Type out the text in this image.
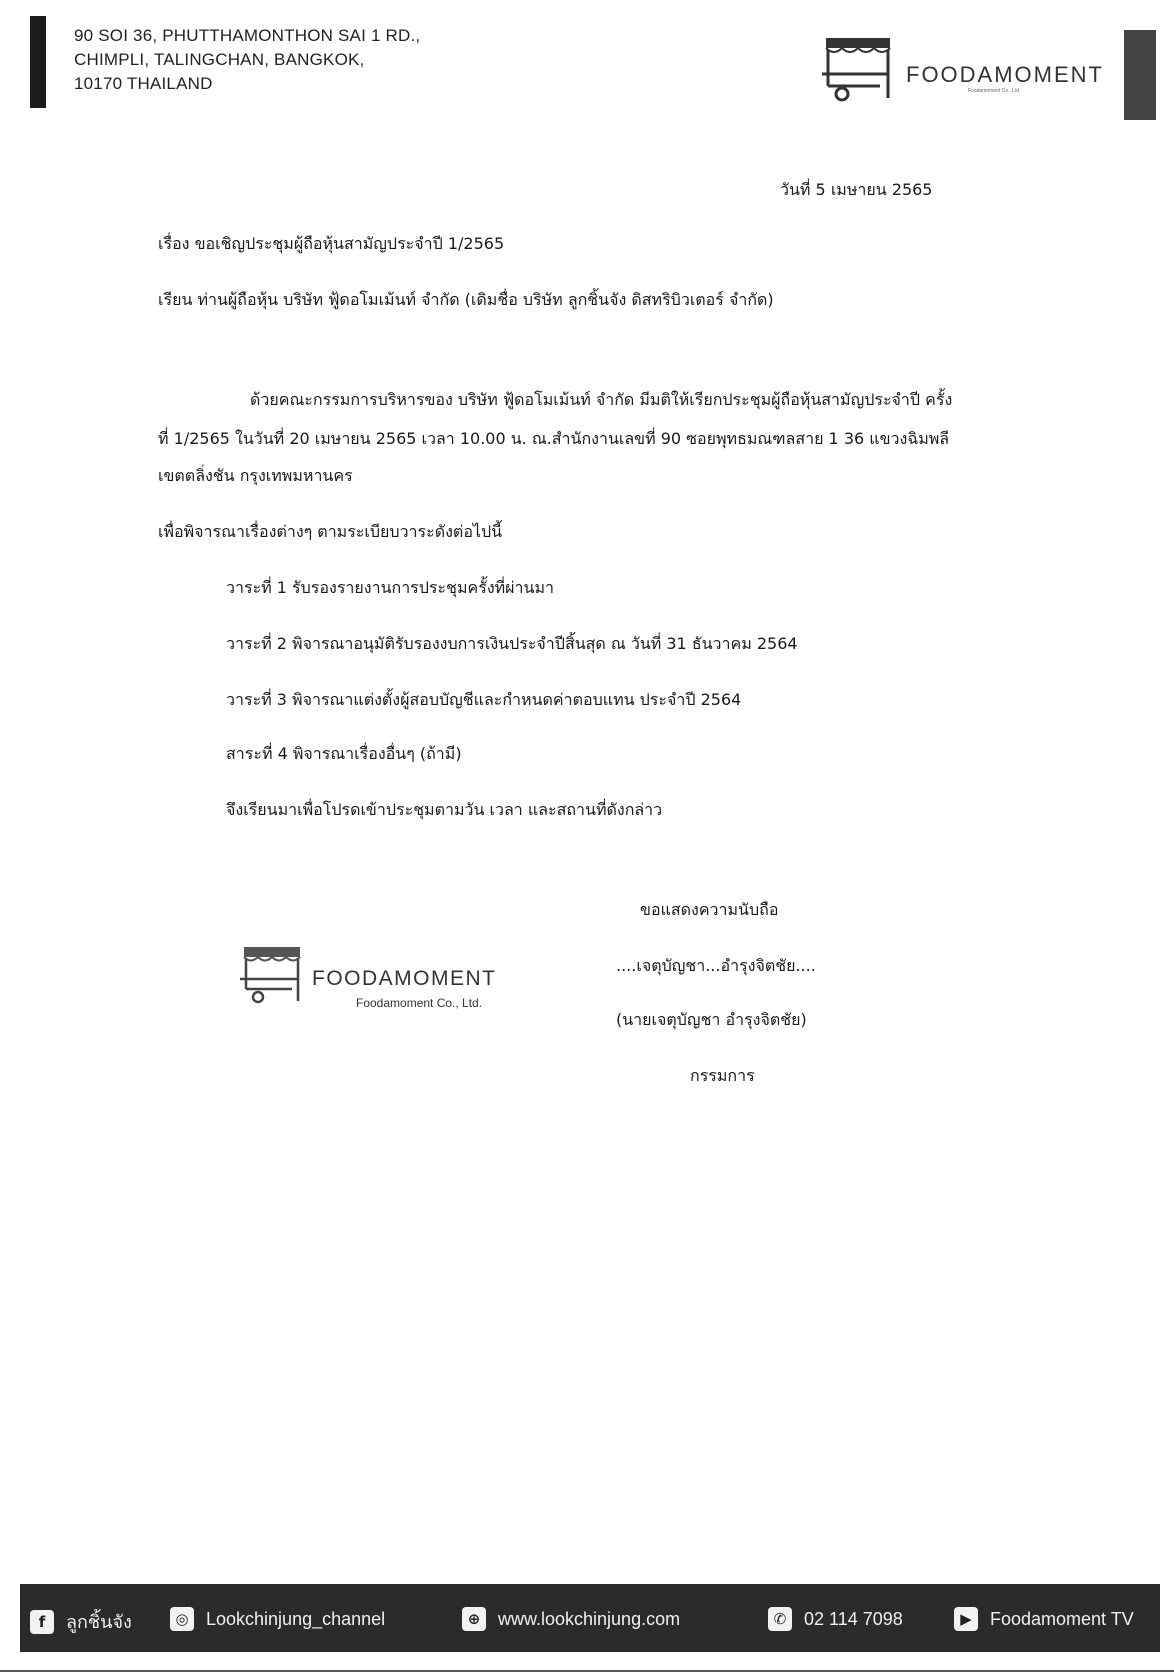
90 SOI 36, PHUTTHAMONTHON SAI 1 RD.,
CHIMPLI, TALINGCHAN, BANGKOK,
10170 THAILAND	FOODAMOMENT
Foodamoment Co., Ltd.
วันที่ 5 เมษายน 2565
เรื่อง ขอเชิญประชุมผู้ถือหุ้นสามัญประจำปี 1/2565
เรียน ท่านผู้ถือหุ้น บริษัท ฟู้ดอโมเม้นท์ จำกัด (เดิมชื่อ บริษัท ลูกชิ้นจัง ดิสทริบิวเตอร์ จำกัด)
ด้วยคณะกรรมการบริหารของ บริษัท ฟู้ดอโมเม้นท์ จำกัด มีมติให้เรียกประชุมผู้ถือหุ้นสามัญประจำปี ครั้ง
ที่ 1/2565 ในวันที่ 20 เมษายน 2565 เวลา 10.00 น. ณ.สำนักงานเลขที่ 90 ซอยพุทธมณฑลสาย 1 36 แขวงฉิมพลี
เขตตลิ่งชัน กรุงเทพมหานคร
เพื่อพิจารณาเรื่องต่างๆ ตามระเบียบวาระดังต่อไปนี้
วาระที่ 1 รับรองรายงานการประชุมครั้งที่ผ่านมา
วาระที่ 2 พิจารณาอนุมัติรับรองงบการเงินประจำปีสิ้นสุด ณ วันที่ 31 ธันวาคม 2564
วาระที่ 3 พิจารณาแต่งตั้งผู้สอบบัญชีและกำหนดค่าตอบแทน ประจำปี 2564
สาระที่ 4 พิจารณาเรื่องอื่นๆ (ถ้ามี)
จึงเรียนมาเพื่อโปรดเข้าประชุมตามวัน เวลา และสถานที่ดังกล่าว
ขอแสดงความนับถือ
....เจตุบัญชา...อำรุงจิตชัย....
(นายเจตุบัญชา อำรุงจิตชัย)
กรรมการ
FOODAMOMENT
Foodamoment Co., Ltd.
f	ลูกชิ้นจัง	◎ Lookchinjung_channel	⊕ www.lookchinjung.com	✆ 02 114 7098	▶	Foodamoment TV
